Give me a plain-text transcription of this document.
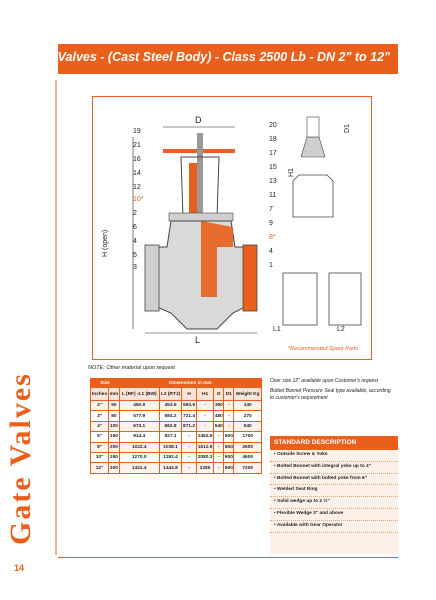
Gate Valves
Gate Valves - (Cast Steel Body) - Class 2500 Lb - DN 2" to 12"
19
21
16
14
12
10*
2
6
4
5
3
20
18
17
15
13
11
7
9
8*
4
1
D
L
H (open)
H1
D1
L1	L2
*Recommended Spare Parts
NOTE: Other material upon request
Size		Dimensions in mm						
Inches	mm	L (RF) -L1 (BW)	L2 (RTJ)	H	H1	D	D1	Weight Kg
2"	50	450.9	453.9	583.9	-	350	-	140
3"	80	577.9	584.2	721.4	-	480	-	270
4"	100	673.1	682.8	871.2	-	540	-	540
6"	150	914.4	927.1	-	1452.9	-	600	1700
8"	200	1022.4	1038.1	-	1612.9	-	600	2600
10"	250	1270.0	1292.4	-	2080.3	-	600	4600
12"	300	1422.4	1444.8	-	2285	-	600	7200

Over size 12" available upon Customer's request

Bolted Bonnet Pressure Seal type available, according to customer's requirement

STANDARD DESCRIPTION
• Outside Screw & Yoke
• Bolted Bonnet with integral yoke up to 4"
• Bolted Bonnet with bolted yoke from 6"
• Welded Seat Ring
• Solid wedge up to 2 ½"
• Flexible Wedge 3" and above
• Available with Gear Operator
14
